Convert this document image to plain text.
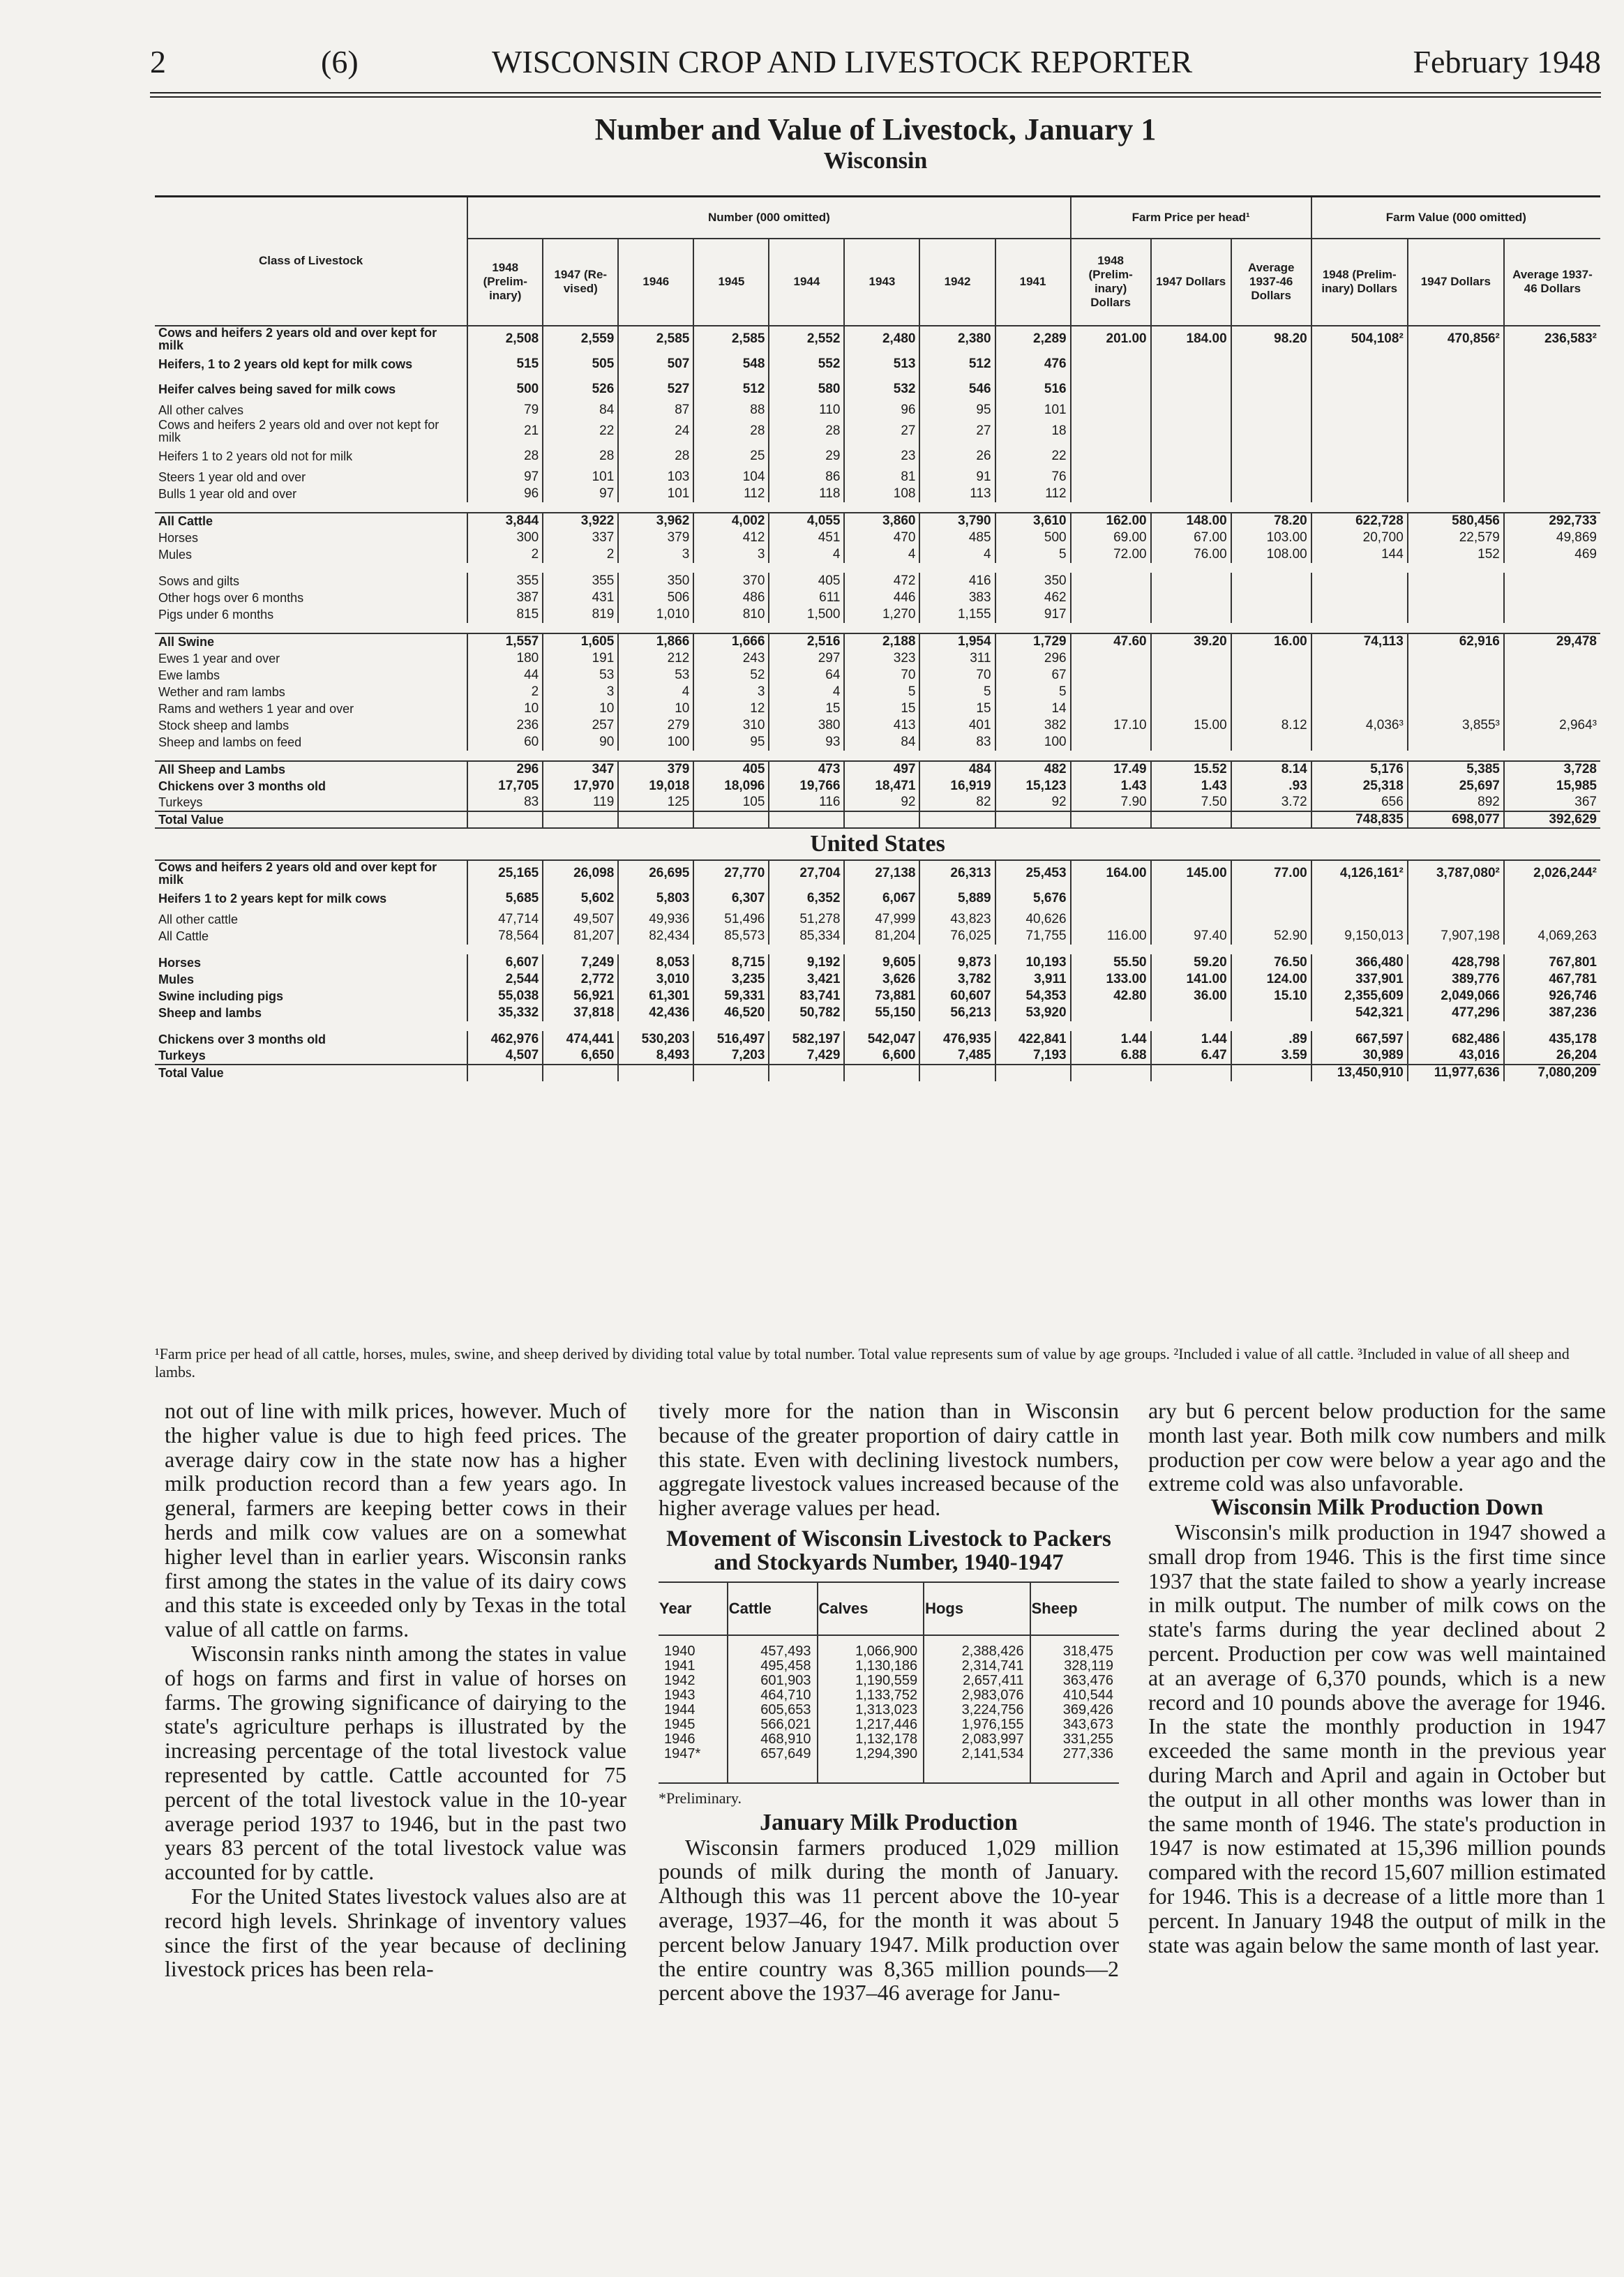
2	(6)	WISCONSIN CROP AND LIVESTOCK REPORTER	February 1948
Number and Value of Livestock, January 1
Wisconsin
Class of Livestock	Number (000 omitted)								Farm Price per head¹			Farm Value (000 omitted)		
	1948 (Prelim-inary)	1947 (Re-vised)	1946	1945	1944	1943	1942	1941	1948 (Prelim-inary) Dollars	1947 Dollars	Average 1937-46 Dollars	1948 (Prelim-inary) Dollars	1947 Dollars	Average 1937-46 Dollars
Cows and heifers 2 years old and over kept for milk	2,508	2,559	2,585	2,585	2,552	2,480	2,380	2,289	201.00	184.00	98.20	504,108²	470,856²	236,583²
Heifers, 1 to 2 years old kept for milk cows	515	505	507	548	552	513	512	476						
Heifer calves being saved for milk cows	500	526	527	512	580	532	546	516						
All other calves	79	84	87	88	110	96	95	101						
Cows and heifers 2 years old and over not kept for milk	21	22	24	28	28	27	27	18						
Heifers 1 to 2 years old not for milk	28	28	28	25	29	23	26	22						
Steers 1 year old and over	97	101	103	104	86	81	91	76						
Bulls 1 year old and over	96	97	101	112	118	108	113	112						

All Cattle	3,844	3,922	3,962	4,002	4,055	3,860	3,790	3,610	162.00	148.00	78.20	622,728	580,456	292,733
Horses	300	337	379	412	451	470	485	500	69.00	67.00	103.00	20,700	22,579	49,869
Mules	2	2	3	3	4	4	4	5	72.00	76.00	108.00	144	152	469

Sows and gilts	355	355	350	370	405	472	416	350						
Other hogs over 6 months	387	431	506	486	611	446	383	462						
Pigs under 6 months	815	819	1,010	810	1,500	1,270	1,155	917						

All Swine	1,557	1,605	1,866	1,666	2,516	2,188	1,954	1,729	47.60	39.20	16.00	74,113	62,916	29,478
Ewes 1 year and over	180	191	212	243	297	323	311	296						
Ewe lambs	44	53	53	52	64	70	70	67						
Wether and ram lambs	2	3	4	3	4	5	5	5						
Rams and wethers 1 year and over	10	10	10	12	15	15	15	14						
Stock sheep and lambs	236	257	279	310	380	413	401	382	17.10	15.00	8.12	4,036³	3,855³	2,964³
Sheep and lambs on feed	60	90	100	95	93	84	83	100						

All Sheep and Lambs	296	347	379	405	473	497	484	482	17.49	15.52	8.14	5,176	5,385	3,728
Chickens over 3 months old	17,705	17,970	19,018	18,096	19,766	18,471	16,919	15,123	1.43	1.43	.93	25,318	25,697	15,985
Turkeys	83	119	125	105	116	92	82	92	7.90	7.50	3.72	656	892	367
Total Value												748,835	698,077	392,629
United States														
Cows and heifers 2 years old and over kept for milk	25,165	26,098	26,695	27,770	27,704	27,138	26,313	25,453	164.00	145.00	77.00	4,126,161²	3,787,080²	2,026,244²
Heifers 1 to 2 years kept for milk cows	5,685	5,602	5,803	6,307	6,352	6,067	5,889	5,676						
All other cattle	47,714	49,507	49,936	51,496	51,278	47,999	43,823	40,626						
All Cattle	78,564	81,207	82,434	85,573	85,334	81,204	76,025	71,755	116.00	97.40	52.90	9,150,013	7,907,198	4,069,263

Horses	6,607	7,249	8,053	8,715	9,192	9,605	9,873	10,193	55.50	59.20	76.50	366,480	428,798	767,801
Mules	2,544	2,772	3,010	3,235	3,421	3,626	3,782	3,911	133.00	141.00	124.00	337,901	389,776	467,781
Swine including pigs	55,038	56,921	61,301	59,331	83,741	73,881	60,607	54,353	42.80	36.00	15.10	2,355,609	2,049,066	926,746
Sheep and lambs	35,332	37,818	42,436	46,520	50,782	55,150	56,213	53,920				542,321	477,296	387,236

Chickens over 3 months old	462,976	474,441	530,203	516,497	582,197	542,047	476,935	422,841	1.44	1.44	.89	667,597	682,486	435,178
Turkeys	4,507	6,650	8,493	7,203	7,429	6,600	7,485	7,193	6.88	6.47	3.59	30,989	43,016	26,204
Total Value												13,450,910	11,977,636	7,080,209
¹Farm price per head of all cattle, horses, mules, swine, and sheep derived by dividing total value by total number. Total value represents sum of value by age groups. ²Included i value of all cattle. ³Included in value of all sheep and lambs.

not out of line with milk prices, however. Much of the higher value is due to high feed prices. The average dairy cow in the state now has a higher milk production record than a few years ago. In general, farmers are keeping better cows in their herds and milk cow values are on a somewhat higher level than in earlier years. Wisconsin ranks first among the states in the value of its dairy cows and this state is exceeded only by Texas in the total value of all cattle on farms.

Wisconsin ranks ninth among the states in value of hogs on farms and first in value of horses on farms. The growing significance of dairying to the state's agriculture perhaps is illustrated by the increasing percentage of the total livestock value represented by cattle. Cattle accounted for 75 percent of the total livestock value in the 10-year average period 1937 to 1946, but in the past two years 83 percent of the total livestock value was accounted for by cattle.

For the United States livestock values also are at record high levels. Shrinkage of inventory values since the first of the year because of declining livestock prices has been rela-

tively more for the nation than in Wisconsin because of the greater proportion of dairy cattle in this state. Even with declining livestock numbers, aggregate livestock values increased because of the higher average values per head.

Movement of Wisconsin Livestock to Packers and Stockyards Number, 1940-1947
Year	Cattle	Calves	Hogs	Sheep

1940	457,493	1,066,900	2,388,426	318,475
1941	495,458	1,130,186	2,314,741	328,119
1942	601,903	1,190,559	2,657,411	363,476
1943	464,710	1,133,752	2,983,076	410,544
1944	605,653	1,313,023	3,224,756	369,426
1945	566,021	1,217,446	1,976,155	343,673
1946	468,910	1,132,178	2,083,997	331,255
1947*	657,649	1,294,390	2,141,534	277,336

*Preliminary.

January Milk Production

Wisconsin farmers produced 1,029 million pounds of milk during the month of January. Although this was 11 percent above the 10-year average, 1937–46, for the month it was about 5 percent below January 1947. Milk production over the entire country was 8,365 million pounds—2 percent above the 1937–46 average for Janu-

ary but 6 percent below production for the same month last year. Both milk cow numbers and milk production per cow were below a year ago and the extreme cold was also unfavorable.

Wisconsin Milk Production Down

Wisconsin's milk production in 1947 showed a small drop from 1946. This is the first time since 1937 that the state failed to show a yearly increase in milk output. The number of milk cows on the state's farms during the year declined about 2 percent. Production per cow was well maintained at an average of 6,370 pounds, which is a new record and 10 pounds above the average for 1946. In the state the monthly production in 1947 exceeded the same month in the previous year during March and April and again in October but the output in all other months was lower than in the same month of 1946. The state's production in 1947 is now estimated at 15,396 million pounds compared with the record 15,607 million estimated for 1946. This is a decrease of a little more than 1 percent. In January 1948 the output of milk in the state was again below the same month of last year.
